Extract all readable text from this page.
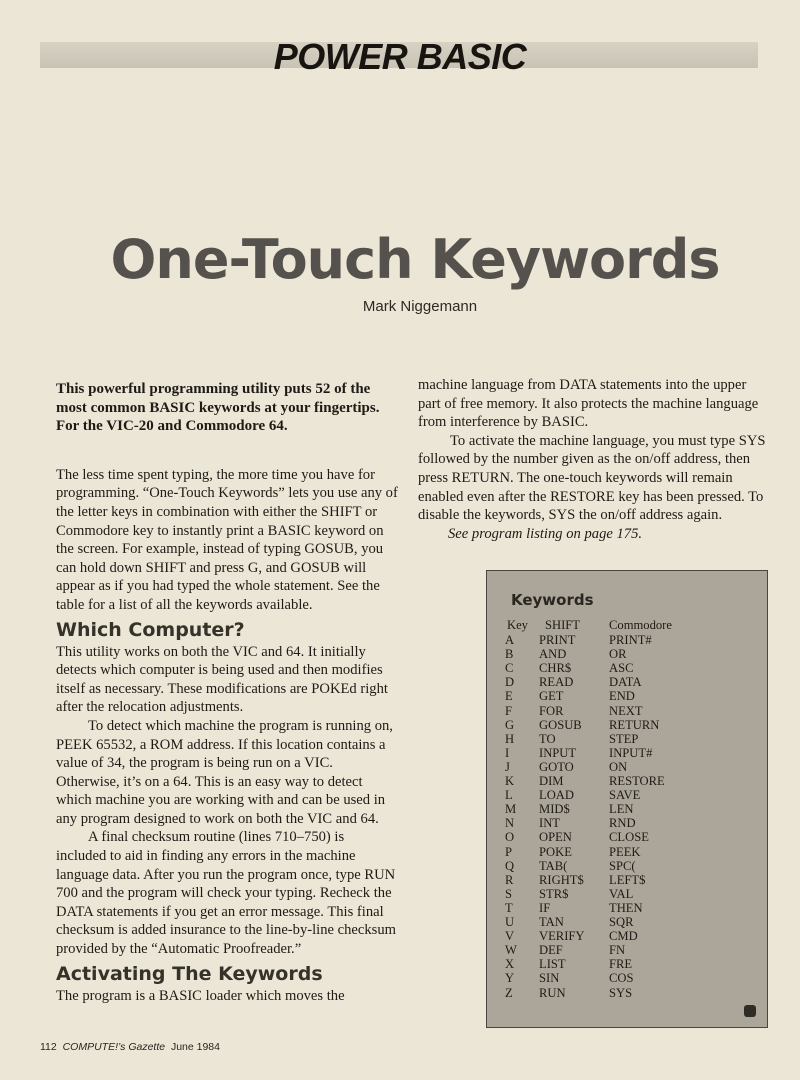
POWER BASIC
One-Touch Keywords
Mark Niggemann

This powerful programming utility puts 52 of the most common BASIC keywords at your fingertips. For the VIC-20 and Commodore 64.

The less time spent typing, the more time you have for programming. “One-Touch Keywords” lets you use any of the letter keys in combination with either the SHIFT or Commodore key to instantly print a BASIC keyword on the screen. For example, instead of typing GOSUB, you can hold down SHIFT and press G, and GOSUB will appear as if you had typed the whole statement. See the table for a list of all the keywords available.

Which Computer?

This utility works on both the VIC and 64. It initially detects which computer is being used and then modifies itself as necessary. These modifications are POKEd right after the relocation adjustments.

To detect which machine the program is running on, PEEK 65532, a ROM address. If this location contains a value of 34, the program is being run on a VIC. Otherwise, it’s on a 64. This is an easy way to detect which machine you are working with and can be used in any program designed to work on both the VIC and 64.

A final checksum routine (lines 710–750) is included to aid in finding any errors in the machine language data. After you run the program once, type RUN 700 and the program will check your typing. Recheck the DATA statements if you get an error message. This final checksum is added insurance to the line-by-line checksum provided by the “Automatic Proofreader.”

Activating The Keywords

The program is a BASIC loader which moves the

machine language from DATA statements into the upper part of free memory. It also protects the machine language from interference by BASIC.

To activate the machine language, you must type SYS followed by the number given as the on/off address, then press RETURN. The one-touch keywords will remain enabled even after the RESTORE key has been pressed. To disable the keywords, SYS the on/off address again.

See program listing on page 175.

Keywords
Key SHIFT	Commodore
A	PRINT	PRINT#
B	AND	OR
C	CHR$	ASC
D	READ	DATA
E	GET	END
F	FOR	NEXT
G	GOSUB	RETURN
H	TO	STEP
I	INPUT	INPUT#
J	GOTO	ON
K	DIM	RESTORE
L	LOAD	SAVE
M	MID$	LEN
N	INT	RND
O	OPEN	CLOSE
P	POKE	PEEK
Q	TAB(	SPC(
R	RIGHT$	LEFT$
S	STR$	VAL
T	IF	THEN
U	TAN	SQR
V	VERIFY	CMD
W	DEF	FN
X	LIST	FRE
Y	SIN	COS
Z	RUN	SYS
112 COMPUTE!’s Gazette June 1984
